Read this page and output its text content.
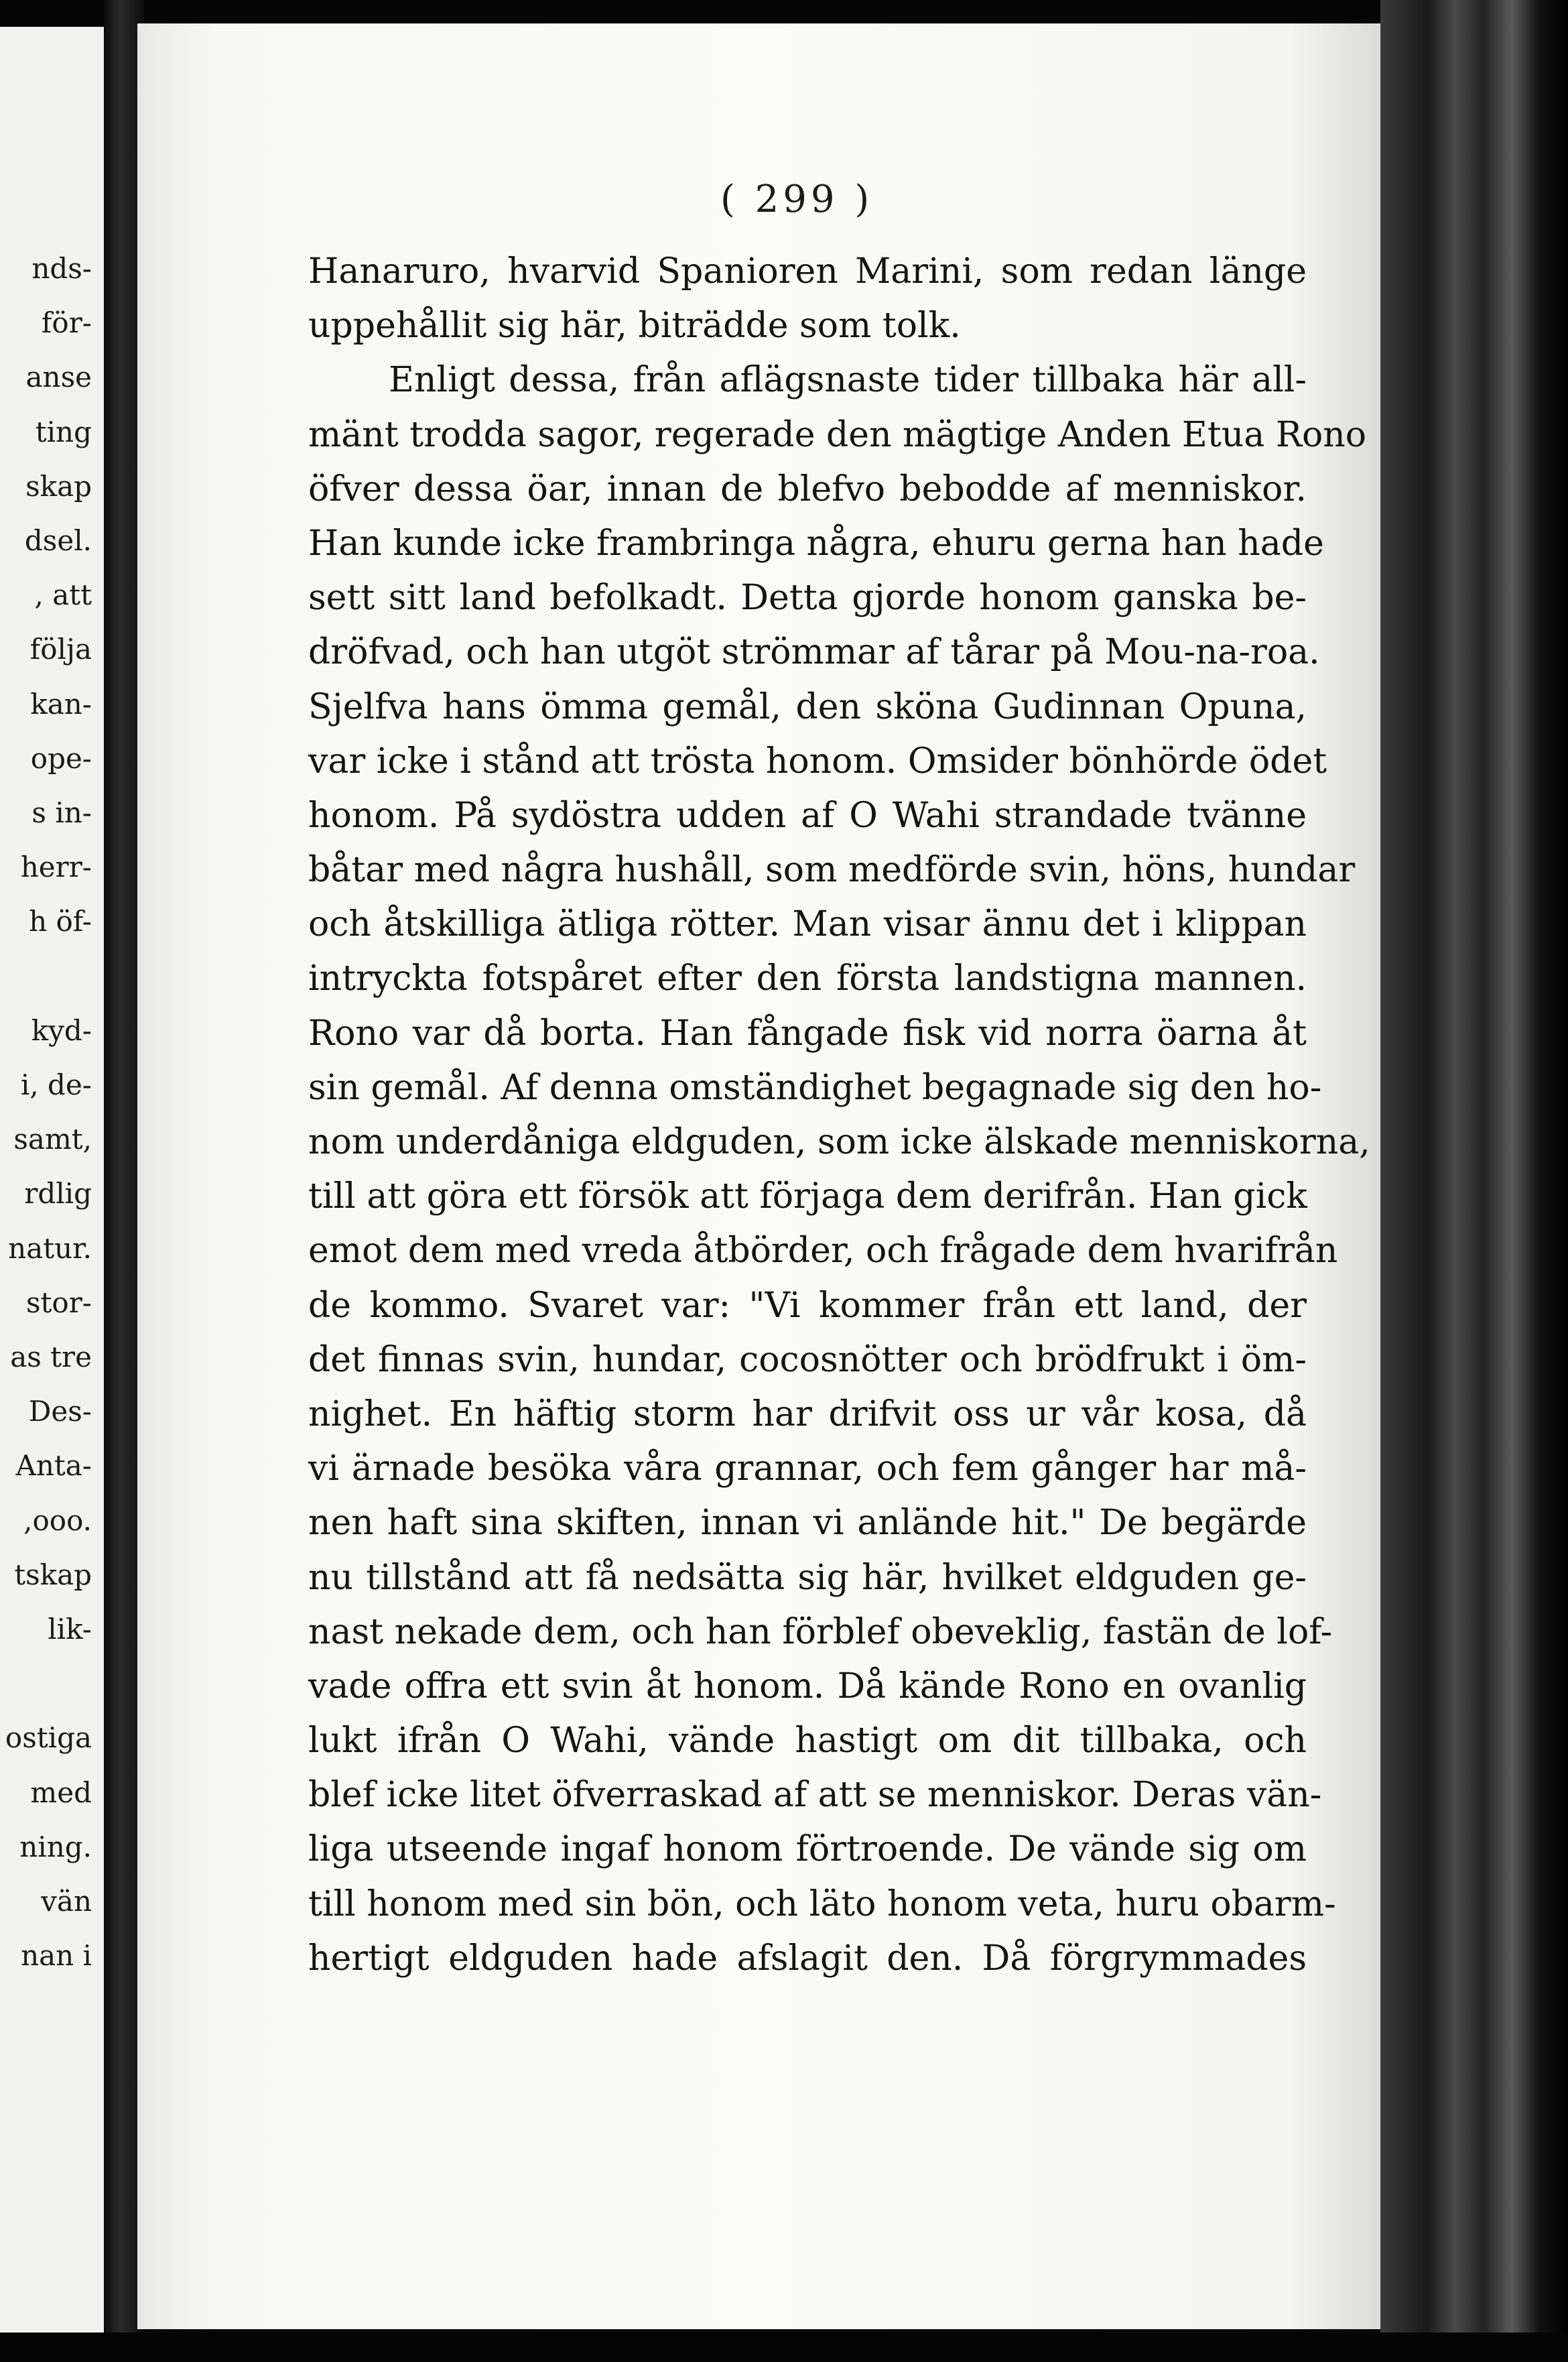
nds-
för-
anse
ting
skap
dsel.
, att
följa
kan-
ope-
s in-
herr-
h öf-
kyd-
i, de-
samt,
rdlig
natur.
stor-
as tre
Des-
Anta-
,ooo.
tskap
lik-
ostiga
med
ning.
vän
nan i
( 299 )
Hanaruro, hvarvid Spanioren Marini, som redan länge
uppehållit sig här, biträdde som tolk.
Enligt dessa, från aflägsnaste tider tillbaka här all-
mänt trodda sagor, regerade den mägtige Anden Etua Rono
öfver dessa öar, innan de blefvo bebodde af menniskor.
Han kunde icke frambringa några, ehuru gerna han hade
sett sitt land befolkadt. Detta gjorde honom ganska be-
dröfvad, och han utgöt strömmar af tårar på Mou-na-roa.
Sjelfva hans ömma gemål, den sköna Gudinnan Opuna,
var icke i stånd att trösta honom. Omsider bönhörde ödet
honom. På sydöstra udden af O Wahi strandade tvänne
båtar med några hushåll, som medförde svin, höns, hundar
och åtskilliga ätliga rötter. Man visar ännu det i klippan
intryckta fotspåret efter den första landstigna mannen.
Rono var då borta. Han fångade fisk vid norra öarna åt
sin gemål. Af denna omständighet begagnade sig den ho-
nom underdåniga eldguden, som icke älskade menniskorna,
till att göra ett försök att förjaga dem derifrån. Han gick
emot dem med vreda åtbörder, och frågade dem hvarifrån
de kommo. Svaret var: "Vi kommer från ett land, der
det finnas svin, hundar, cocosnötter och brödfrukt i öm-
nighet. En häftig storm har drifvit oss ur vår kosa, då
vi ärnade besöka våra grannar, och fem gånger har må-
nen haft sina skiften, innan vi anlände hit." De begärde
nu tillstånd att få nedsätta sig här, hvilket eldguden ge-
nast nekade dem, och han förblef obeveklig, fastän de lof-
vade offra ett svin åt honom. Då kände Rono en ovanlig
lukt ifrån O Wahi, vände hastigt om dit tillbaka, och
blef icke litet öfverraskad af att se menniskor. Deras vän-
liga utseende ingaf honom förtroende. De vände sig om
till honom med sin bön, och läto honom veta, huru obarm-
hertigt eldguden hade afslagit den. Då förgrymmades
